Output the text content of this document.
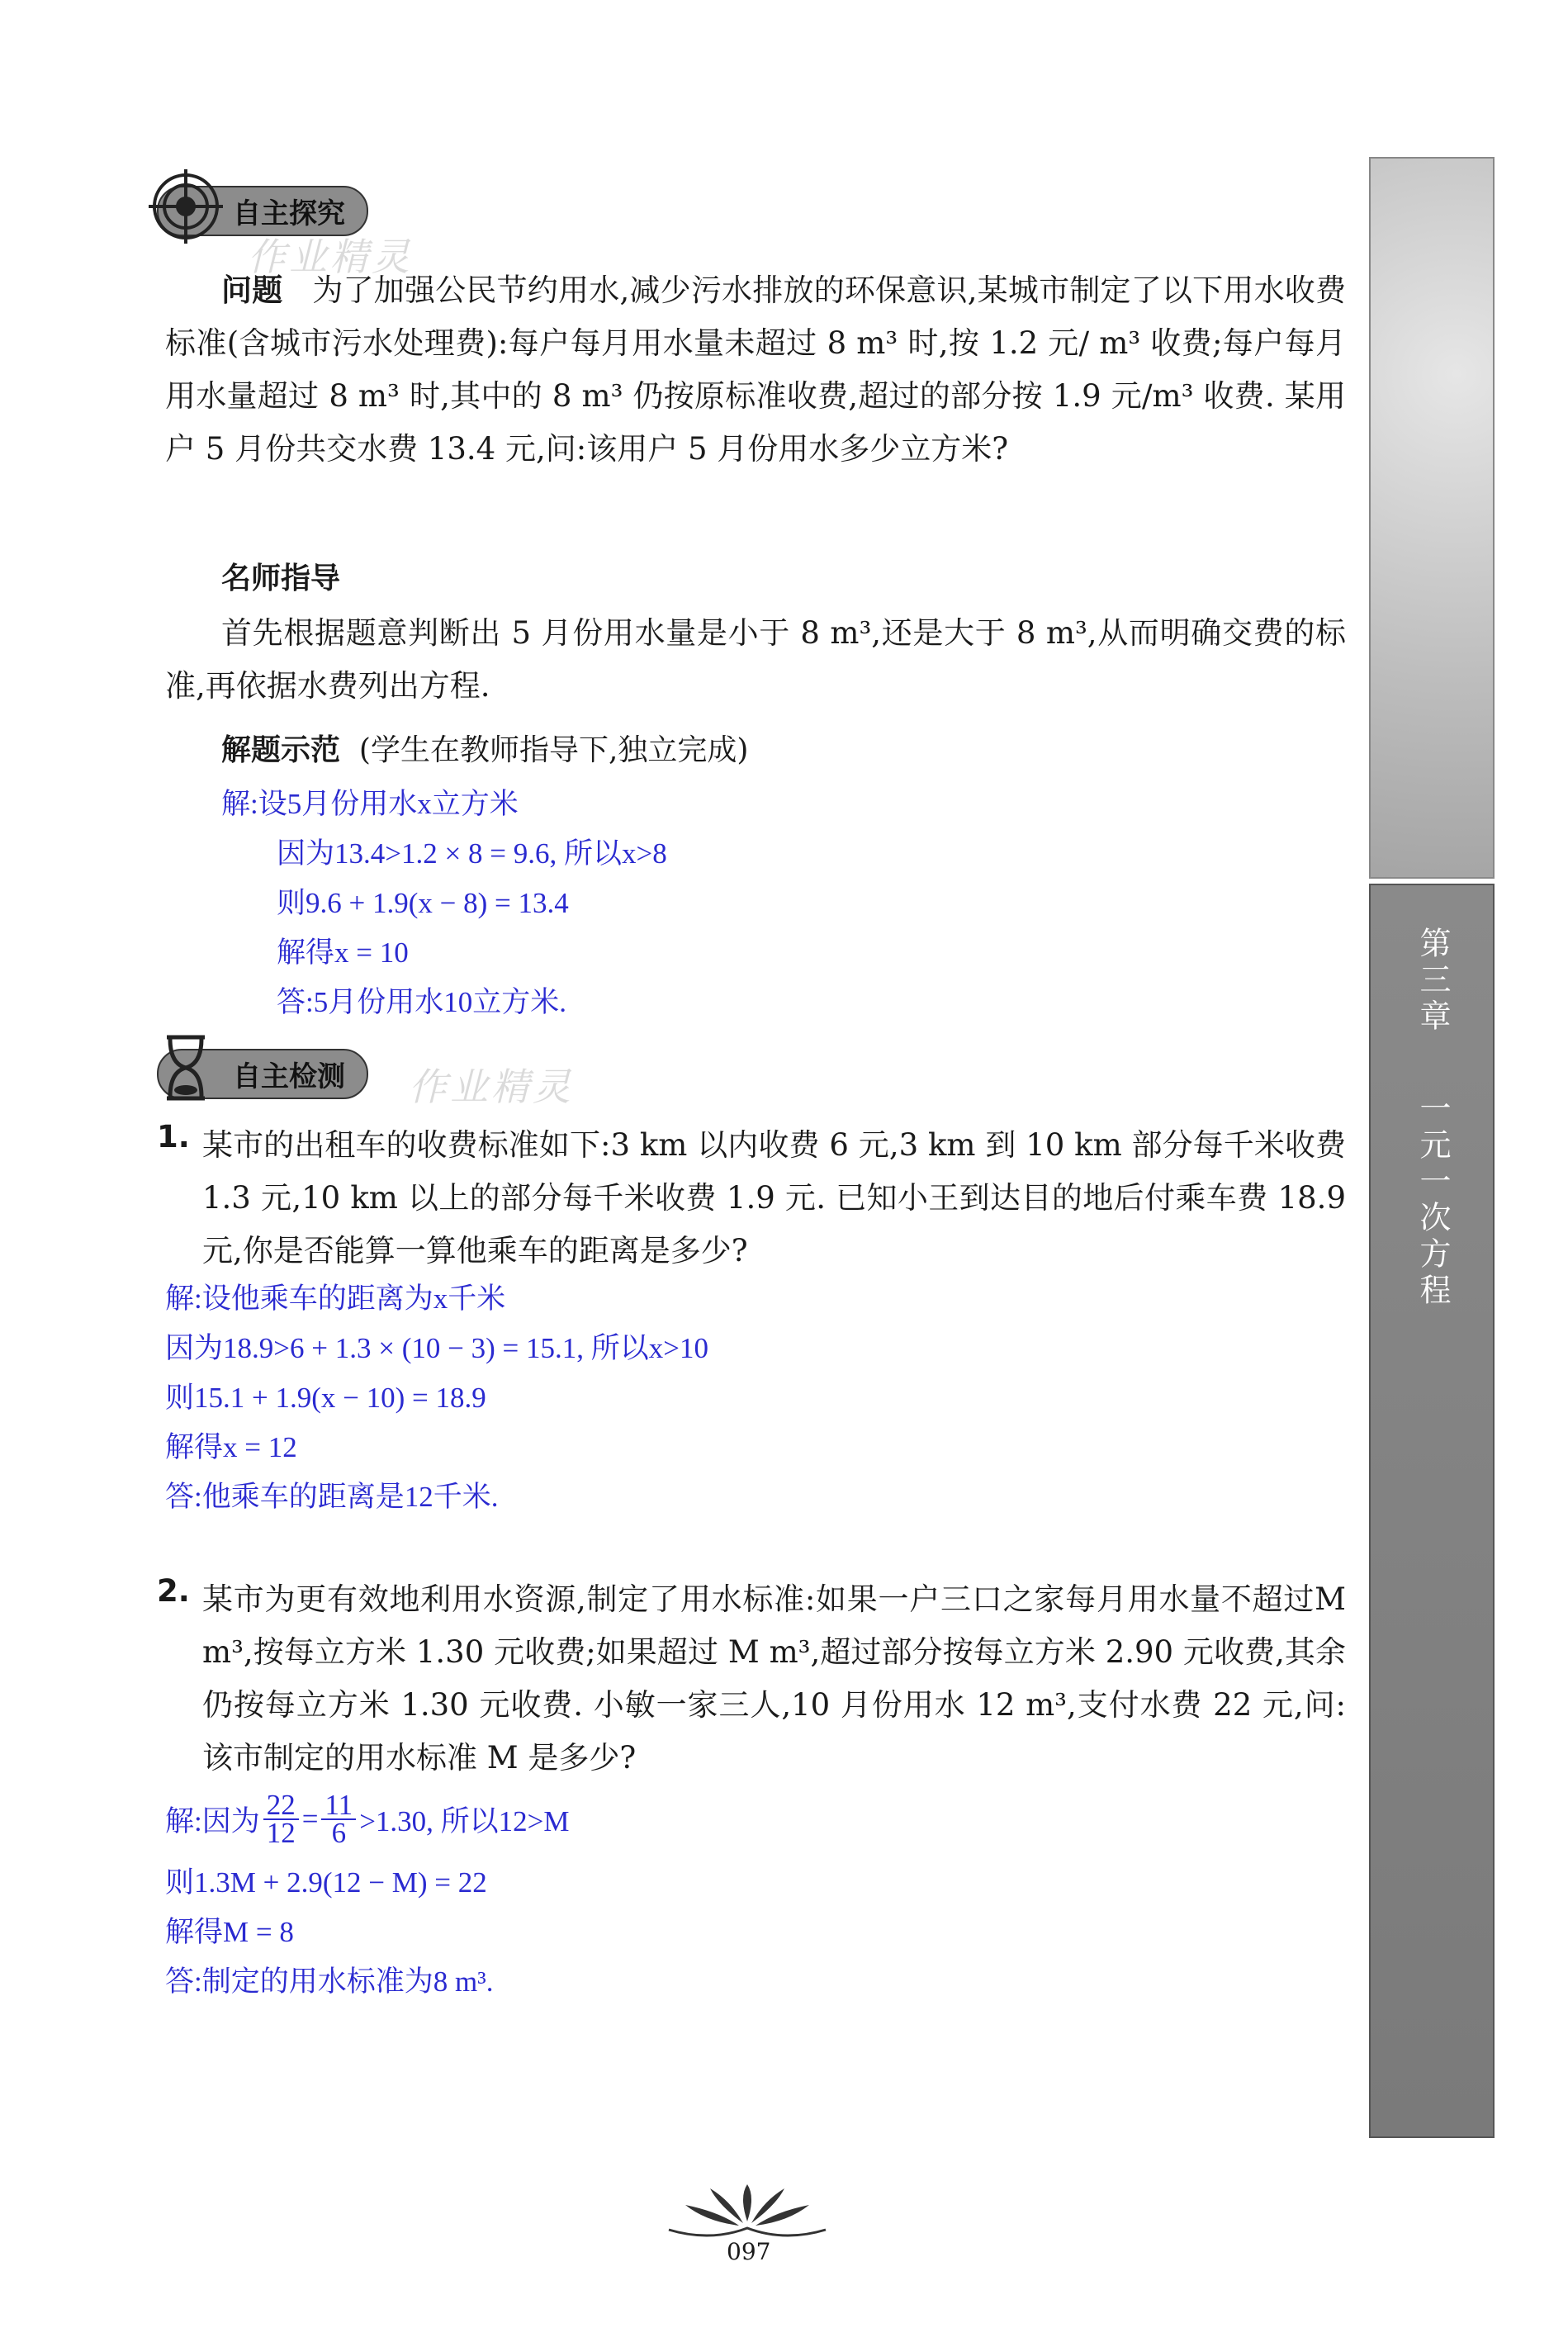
第三章
一元一次方程
自主探究
作业精灵
问题 为了加强公民节约用水,减少污水排放的环保意识,某城市制定了以下用水收费标准(含城市污水处理费):每户每月用水量未超过 8 m³ 时,按 1.2 元/ m³ 收费;每户每月用水量超过 8 m³ 时,其中的 8 m³ 仍按原标准收费,超过的部分按 1.9 元/m³ 收费. 某用户 5 月份共交水费 13.4 元,问:该用户 5 月份用水多少立方米?
名师指导
首先根据题意判断出 5 月份用水量是小于 8 m³,还是大于 8 m³,从而明确交费的标准,再依据水费列出方程.
解题示范 (学生在教师指导下,独立完成)
解:设5月份用水x立方米
因为13.4>1.2 × 8 = 9.6, 所以x>8
则9.6 + 1.9(x − 8) = 13.4
解得x = 10
答:5月份用水10立方米.
自主检测	作业精灵
1. 某市的出租车的收费标准如下:3 km 以内收费 6 元,3 km 到 10 km 部分每千米收费 1.3 元,10 km 以上的部分每千米收费 1.9 元. 已知小王到达目的地后付乘车费 18.9 元,你是否能算一算他乘车的距离是多少?
解:设他乘车的距离为x千米
因为18.9>6 + 1.3 × (10 − 3) = 15.1, 所以x>10
则15.1 + 1.9(x − 10) = 18.9
解得x = 12
答:他乘车的距离是12千米.
2. 某市为更有效地利用水资源,制定了用水标准:如果一户三口之家每月用水量不超过M m³,按每立方米 1.30 元收费;如果超过 M m³,超过部分按每立方米 2.90 元收费,其余仍按每立方米 1.30 元收费. 小敏一家三人,10 月份用水 12 m³,支付水费 22 元,问:该市制定的用水标准 M 是多少?
解:因为 $\frac{22}{12} = \frac{11}{6} >1.30$, 所以12>M
则1.3M + 2.9(12 − M) = 22
解得M = 8
答:制定的用水标准为8 m³.
097
